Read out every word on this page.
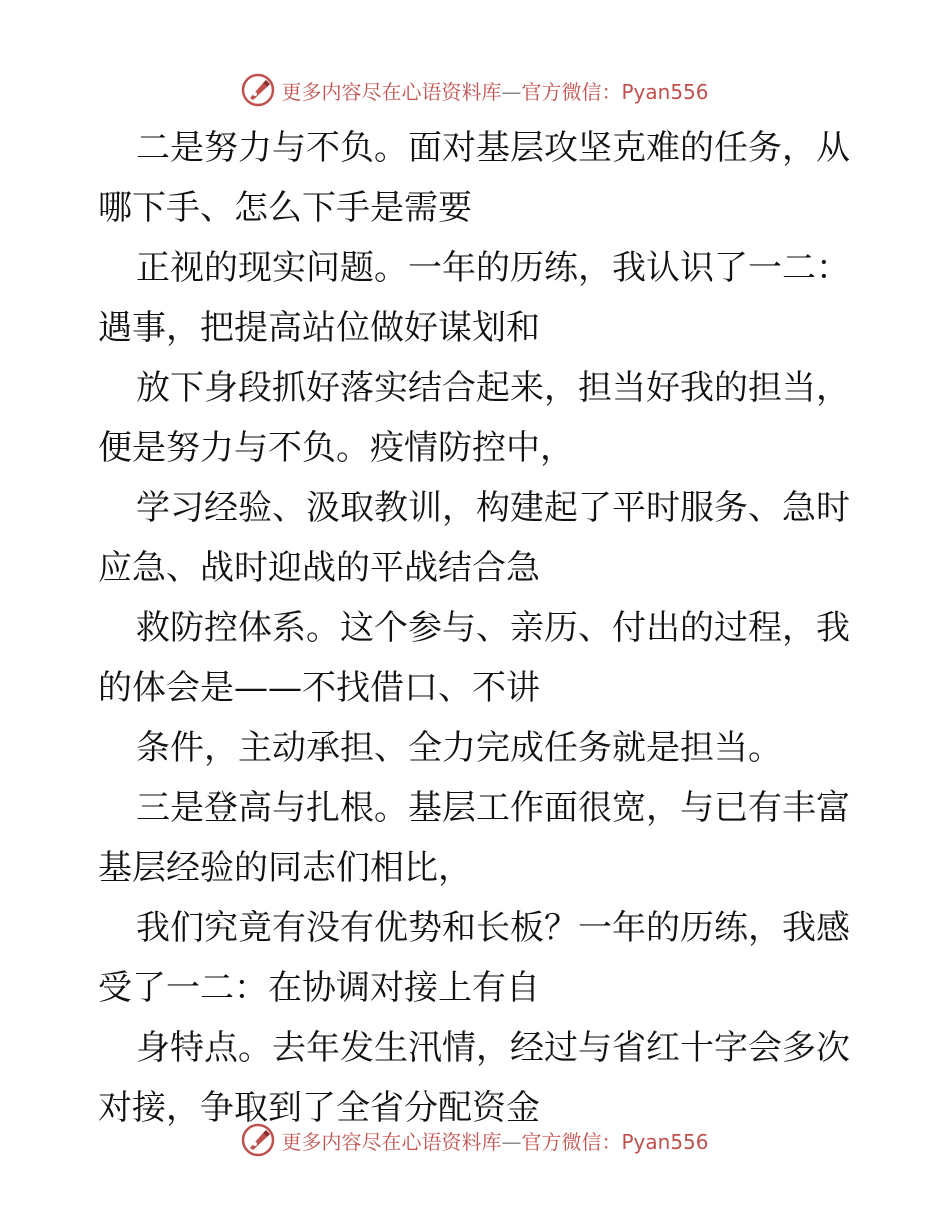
更多内容尽在心语资料库—官方微信：Pyan556

二是努力与不负。面对基层攻坚克难的任务，从
哪下手、怎么下手是需要

正视的现实问题。一年的历练，我认识了一二：
遇事，把提高站位做好谋划和

放下身段抓好落实结合起来，担当好我的担当，
便是努力与不负。疫情防控中，

学习经验、汲取教训，构建起了平时服务、急时
应急、战时迎战的平战结合急

救防控体系。这个参与、亲历、付出的过程，我
的体会是——不找借口、不讲

条件，主动承担、全力完成任务就是担当。

三是登高与扎根。基层工作面很宽，与已有丰富
基层经验的同志们相比，

我们究竟有没有优势和长板？一年的历练，我感
受了一二：在协调对接上有自

身特点。去年发生汛情，经过与省红十字会多次
对接，争取到了全省分配资金

更多内容尽在心语资料库—官方微信：Pyan556
